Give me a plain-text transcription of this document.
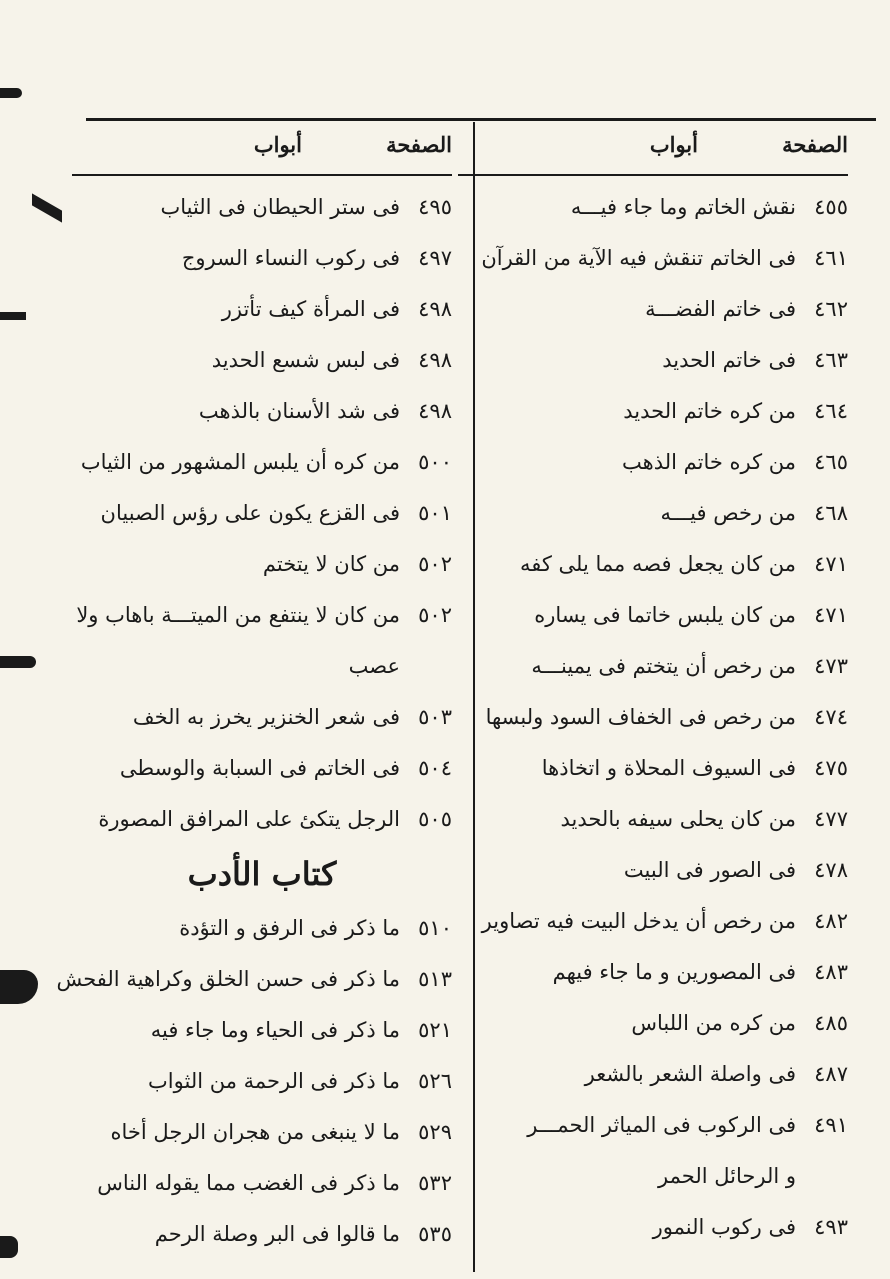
الصفحة
أبواب
٤٥٥
نقش الخاتم وما جاء فيـــه
٤٦١
فى الخاتم تنقش فيه الآية من القرآن
٤٦٢
فى خاتم الفضـــة
٤٦٣
فى خاتم الحديد
٤٦٤
من كره خاتم الحديد
٤٦٥
من كره خاتم الذهب
٤٦٨
من رخص فيـــه
٤٧١
من كان يجعل فصه مما يلى كفه
٤٧١
من كان يلبس خاتما فى يساره
٤٧٣
من رخص أن يتختم فى يمينـــه
٤٧٤
من رخص فى الخفاف السود ولبسها
٤٧٥
فى السيوف المحلاة و اتخاذها
٤٧٧
من كان يحلى سيفه بالحديد
٤٧٨
فى الصور فى البيت
٤٨٢
من رخص أن يدخل البيت فيه تصاوير
٤٨٣
فى المصورين و ما جاء فيهم
٤٨٥
من كره من اللباس
٤٨٧
فى واصلة الشعر بالشعر
٤٩١
فى الركوب فى المياثر الحمـــر
و الرحائل الحمر
٤٩٣
فى ركوب النمور
الصفحة
أبواب
٤٩٥
فى ستر الحيطان فى الثياب
٤٩٧
فى ركوب النساء السروج
٤٩٨
فى المرأة كيف تأتزر
٤٩٨
فى لبس شسع الحديد
٤٩٨
فى شد الأسنان بالذهب
٥٠٠
من كره أن يلبس المشهور من الثياب
٥٠١
فى القزع يكون على رؤس الصبيان
٥٠٢
من كان لا يتختم
٥٠٢
من كان لا ينتفع من الميتـــة باهاب ولا
عصب
٥٠٣
فى شعر الخنزير يخرز به الخف
٥٠٤
فى الخاتم فى السبابة والوسطى
٥٠٥
الرجل يتكئ على المرافق المصورة
كتاب الأدب
٥١٠
ما ذكر فى الرفق و التؤدة
٥١٣
ما ذكر فى حسن الخلق وكراهية الفحش
٥٢١
ما ذكر فى الحياء وما جاء فيه
٥٢٦
ما ذكر فى الرحمة من الثواب
٥٢٩
ما لا ينبغى من هجران الرجل أخاه
٥٣٢
ما ذكر فى الغضب مما يقوله الناس
٥٣٥
ما قالوا فى البر وصلة الرحم
